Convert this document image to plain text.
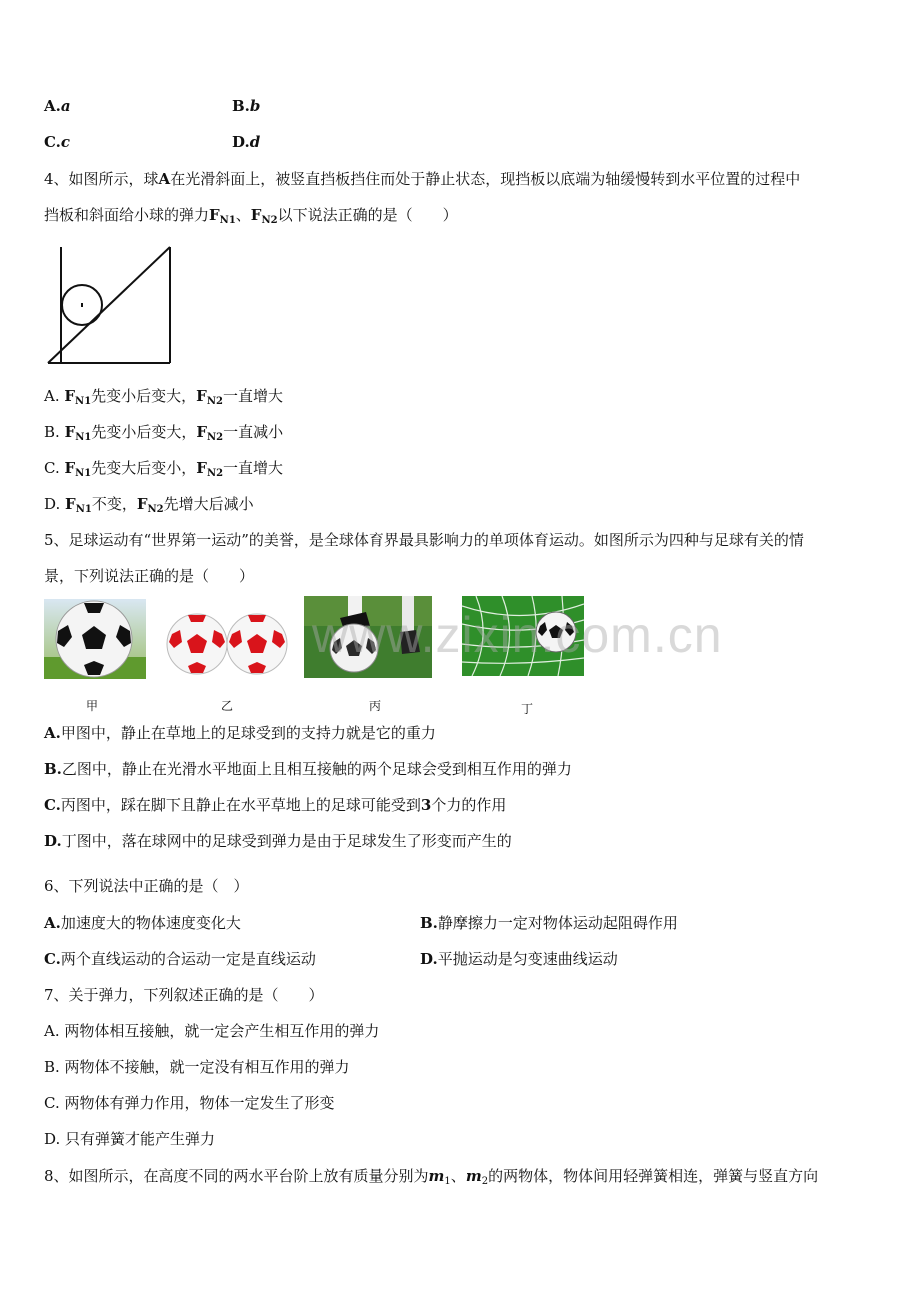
A.a	B.b
C.c	D.d
4、如图所示，球A在光滑斜面上，被竖直挡板挡住而处于静止状态，现挡板以底端为轴缓慢转到水平位置的过程中
挡板和斜面给小球的弹力$F_{N1}$、$F_{N2}$以下说法正确的是（　　）
A. $F_{N1}$先变小后变大，$F_{N2}$一直增大
B. $F_{N1}$先变小后变大，$F_{N2}$一直减小
C. $F_{N1}$先变大后变小，$F_{N2}$一直增大
D. $F_{N1}$不变，$F_{N2}$先增大后减小
5、足球运动有“世界第一运动”的美誉，是全球体育界最具影响力的单项体育运动。如图所示为四种与足球有关的情
景，下列说法正确的是（　　）
www.zixin.com.cn
甲	乙	丙	丁
A.甲图中，静止在草地上的足球受到的支持力就是它的重力
B.乙图中，静止在光滑水平地面上且相互接触的两个足球会受到相互作用的弹力
C.丙图中，踩在脚下且静止在水平草地上的足球可能受到3个力的作用
D.丁图中，落在球网中的足球受到弹力是由于足球发生了形变而产生的
6、下列说法中正确的是（　）
A.加速度大的物体速度变化大	B.静摩擦力一定对物体运动起阻碍作用
C.两个直线运动的合运动一定是直线运动	D.平抛运动是匀变速曲线运动
7、关于弹力，下列叙述正确的是（　　）
A. 两物体相互接触，就一定会产生相互作用的弹力
B. 两物体不接触，就一定没有相互作用的弹力
C. 两物体有弹力作用，物体一定发生了形变
D. 只有弹簧才能产生弹力
8、如图所示，在高度不同的两水平台阶上放有质量分别为$m_1$、$m_2$的两物体，物体间用轻弹簧相连，弹簧与竖直方向
